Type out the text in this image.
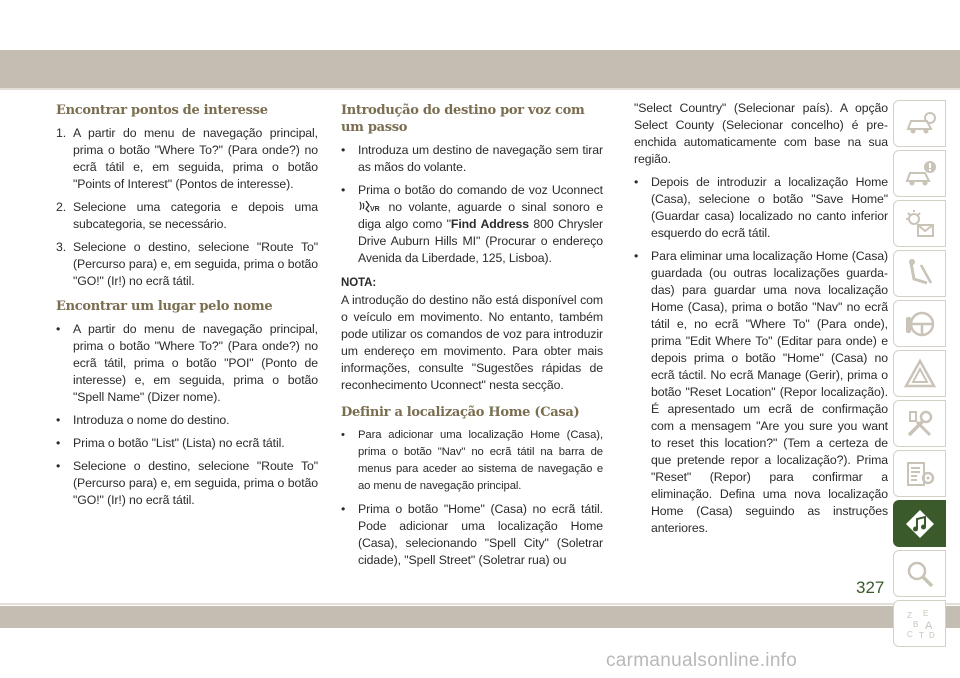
Encontrar pontos de interesse
1. A partir do menu de navegação principal, prima o botão "Where To?" (Para onde?) no ecrã tátil e, em seguida, prima o botão "Points of Interest" (Pontos de interesse).
2. Selecione uma categoria e depois uma subcategoria, se necessário.
3. Selecione o destino, selecione "Route To" (Percurso para) e, em seguida, prima o botão "GO!" (Ir!) no ecrã tátil.
Encontrar um lugar pelo nome
• A partir do menu de navegação principal, prima o botão "Where To?" (Para onde?) no ecrã tátil, prima o botão "POI" (Ponto de interesse) e, em seguida, prima o botão "Spell Name" (Dizer nome).
• Introduza o nome do destino.
• Prima o botão "List" (Lista) no ecrã tátil.
• Selecione o destino, selecione "Route To" (Percurso para) e, em seguida, prima o botão "GO!" (Ir!) no ecrã tátil.
Introdução do destino por voz com um passo
• Introduza um destino de navegação sem tirar as mãos do volante.
• Prima o botão do comando de voz Uconnect
VR no volante, aguarde o sinal sonoro e diga algo como "Find Address 800 Chrysler Drive Auburn Hills MI" (Procurar o endereço Avenida da Liberdade, 125, Lisboa).

NOTA:

A introdução do destino não está disponível com o veículo em movimento. No entanto, também pode utilizar os comandos de voz para introduzir um endereço em movimento. Para obter mais informações, consulte "Sugestões rápidas de reconhecimento Uconnect" nesta secção.

Definir a localização Home (Casa)
• Para adicionar uma localização Home (Casa), prima o botão "Nav" no ecrã tátil na barra de menus para aceder ao sistema de navegação e ao menu de navegação principal.
• Prima o botão "Home" (Casa) no ecrã tátil. Pode adicionar uma localização Home (Casa), selecionando "Spell City" (Soletrar cidade), "Spell Street" (Soletrar rua) ou

"Select Country" (Selecionar país). A opção Select County (Selecionar concelho) é preenchida automaticamente com base na sua região.

• Depois de introduzir a localização Home (Casa), selecione o botão "Save Home" (Guardar casa) localizado no canto inferior esquerdo do ecrã tátil.
• Para eliminar uma localização Home (Casa) guardada (ou outras localizações guardadas) para guardar uma nova localização Home (Casa), prima o botão "Nav" no ecrã tátil e, no ecrã "Where To" (Para onde), prima "Edit Where To" (Editar para onde) e depois prima o botão "Home" (Casa) no ecrã táctil. No ecrã Manage (Gerir), prima o botão "Reset Location" (Repor localização). É apresentado um ecrã de confirmação com a mensagem "Are you sure you want to reset this location?" (Tem a certeza de que pretende repor a localização?). Prima "Reset" (Repor) para confirmar a eliminação. Defina uma nova localização Home (Casa) seguindo as instruções anteriores.
Z E
B A
C T D
327
carmanualsonline.info
